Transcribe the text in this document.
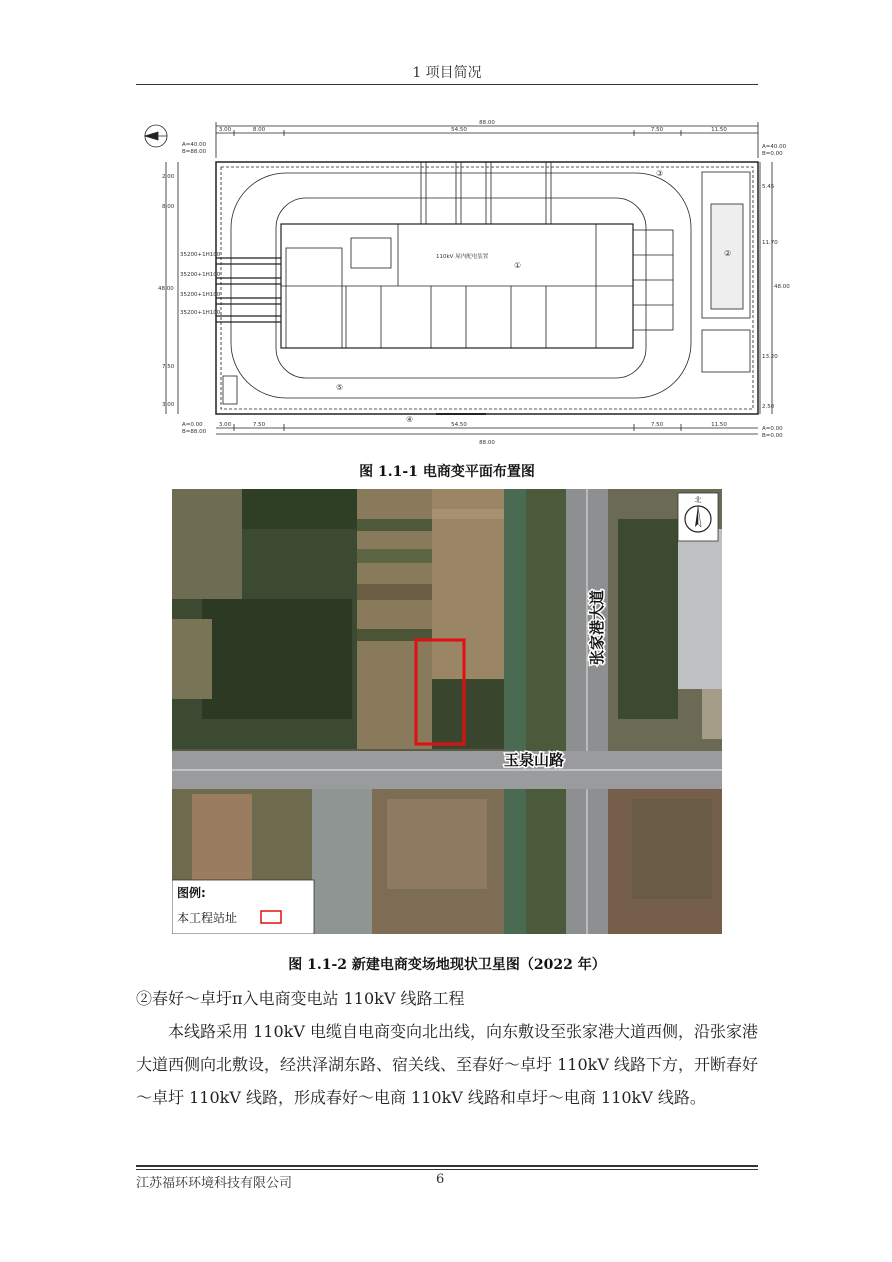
1 项目简况
88.00
3.00	8.00	54.50	7.50	11.50
88.00
3.00	7.50	54.50	7.50	11.50
2.00
8.00
48.00
7.50
3.00
48.00
5.45
11.70
13.20
2.50
A=40.00
B=88.00
A=0.00
B=88.00
A=40.00
B=0.00
A=0.00
B=0.00
35200+1H100
35200+1H100
35200+1H100
35200+1H100
110kV 屋内配电装置
①
②
③
④
⑤
图 1.1-1 电商变平面布置图
北
张家港大道
玉泉山路
图例:
本工程站址
图 1.1-2 新建电商变场地现状卫星图（2022 年）
②春好～卓圩π入电商变电站 110kV 线路工程
本线路采用 110kV 电缆自电商变向北出线，向东敷设至张家港大道西侧，沿张家港大道西侧向北敷设，经洪泽湖东路、宿关线、至春好～卓圩 110kV 线路下方，开断春好～卓圩 110kV 线路，形成春好～电商 110kV 线路和卓圩～电商 110kV 线路。
江苏福环环境科技有限公司	6
